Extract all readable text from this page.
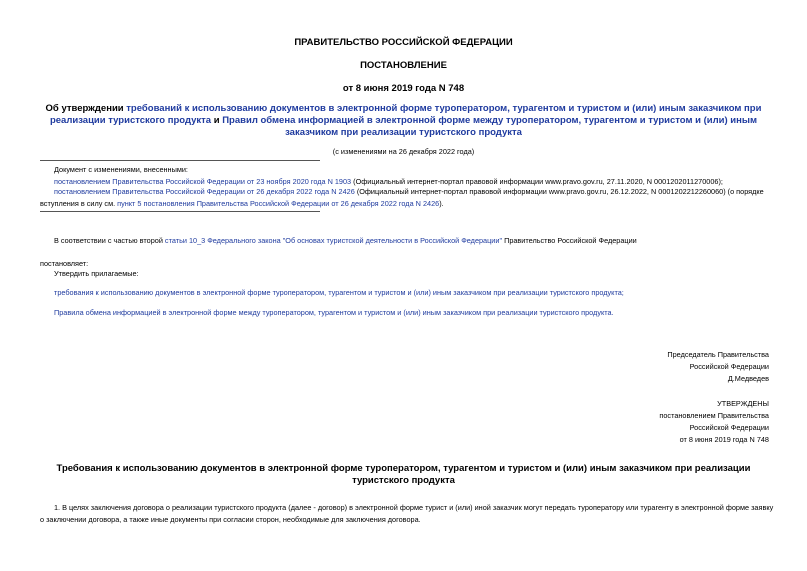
ПРАВИТЕЛЬСТВО РОССИЙСКОЙ ФЕДЕРАЦИИ
ПОСТАНОВЛЕНИЕ
от 8 июня 2019 года N 748
Об утверждении требований к использованию документов в электронной форме туроператором, турагентом и туристом и (или) иным заказчиком при реализации туристского продукта и Правил обмена информацией в электронной форме между туроператором, турагентом и туристом и (или) иным заказчиком при реализации туристского продукта
(с изменениями на 26 декабря 2022 года)
Документ с изменениями, внесенными:
постановлением Правительства Российской Федерации от 23 ноября 2020 года N 1903 (Официальный интернет-портал правовой информации www.pravo.gov.ru, 27.11.2020, N 0001202011270006);
постановлением Правительства Российской Федерации от 26 декабря 2022 года N 2426 (Официальный интернет-портал правовой информации www.pravo.gov.ru, 26.12.2022, N 0001202212260060) (о порядке вступления в силу см. пункт 5 постановления Правительства Российской Федерации от 26 декабря 2022 года N 2426).
В соответствии с частью второй статьи 10_3 Федерального закона "Об основах туристской деятельности в Российской Федерации" Правительство Российской Федерации
постановляет:
Утвердить прилагаемые:
требования к использованию документов в электронной форме туроператором, турагентом и туристом и (или) иным заказчиком при реализации туристского продукта;
Правила обмена информацией в электронной форме между туроператором, турагентом и туристом и (или) иным заказчиком при реализации туристского продукта.
Председатель Правительства
Российской Федерации
Д.Медведев
УТВЕРЖДЕНЫ
постановлением Правительства
Российской Федерации
от 8 июня 2019 года N 748
Требования к использованию документов в электронной форме туроператором, турагентом и туристом и (или) иным заказчиком при реализации туристского продукта
1. В целях заключения договора о реализации туристского продукта (далее - договор) в электронной форме турист и (или) иной заказчик могут передать туроператору или турагенту в электронной форме заявку о заключении договора, а также иные документы при согласии сторон, необходимые для заключения договора.
